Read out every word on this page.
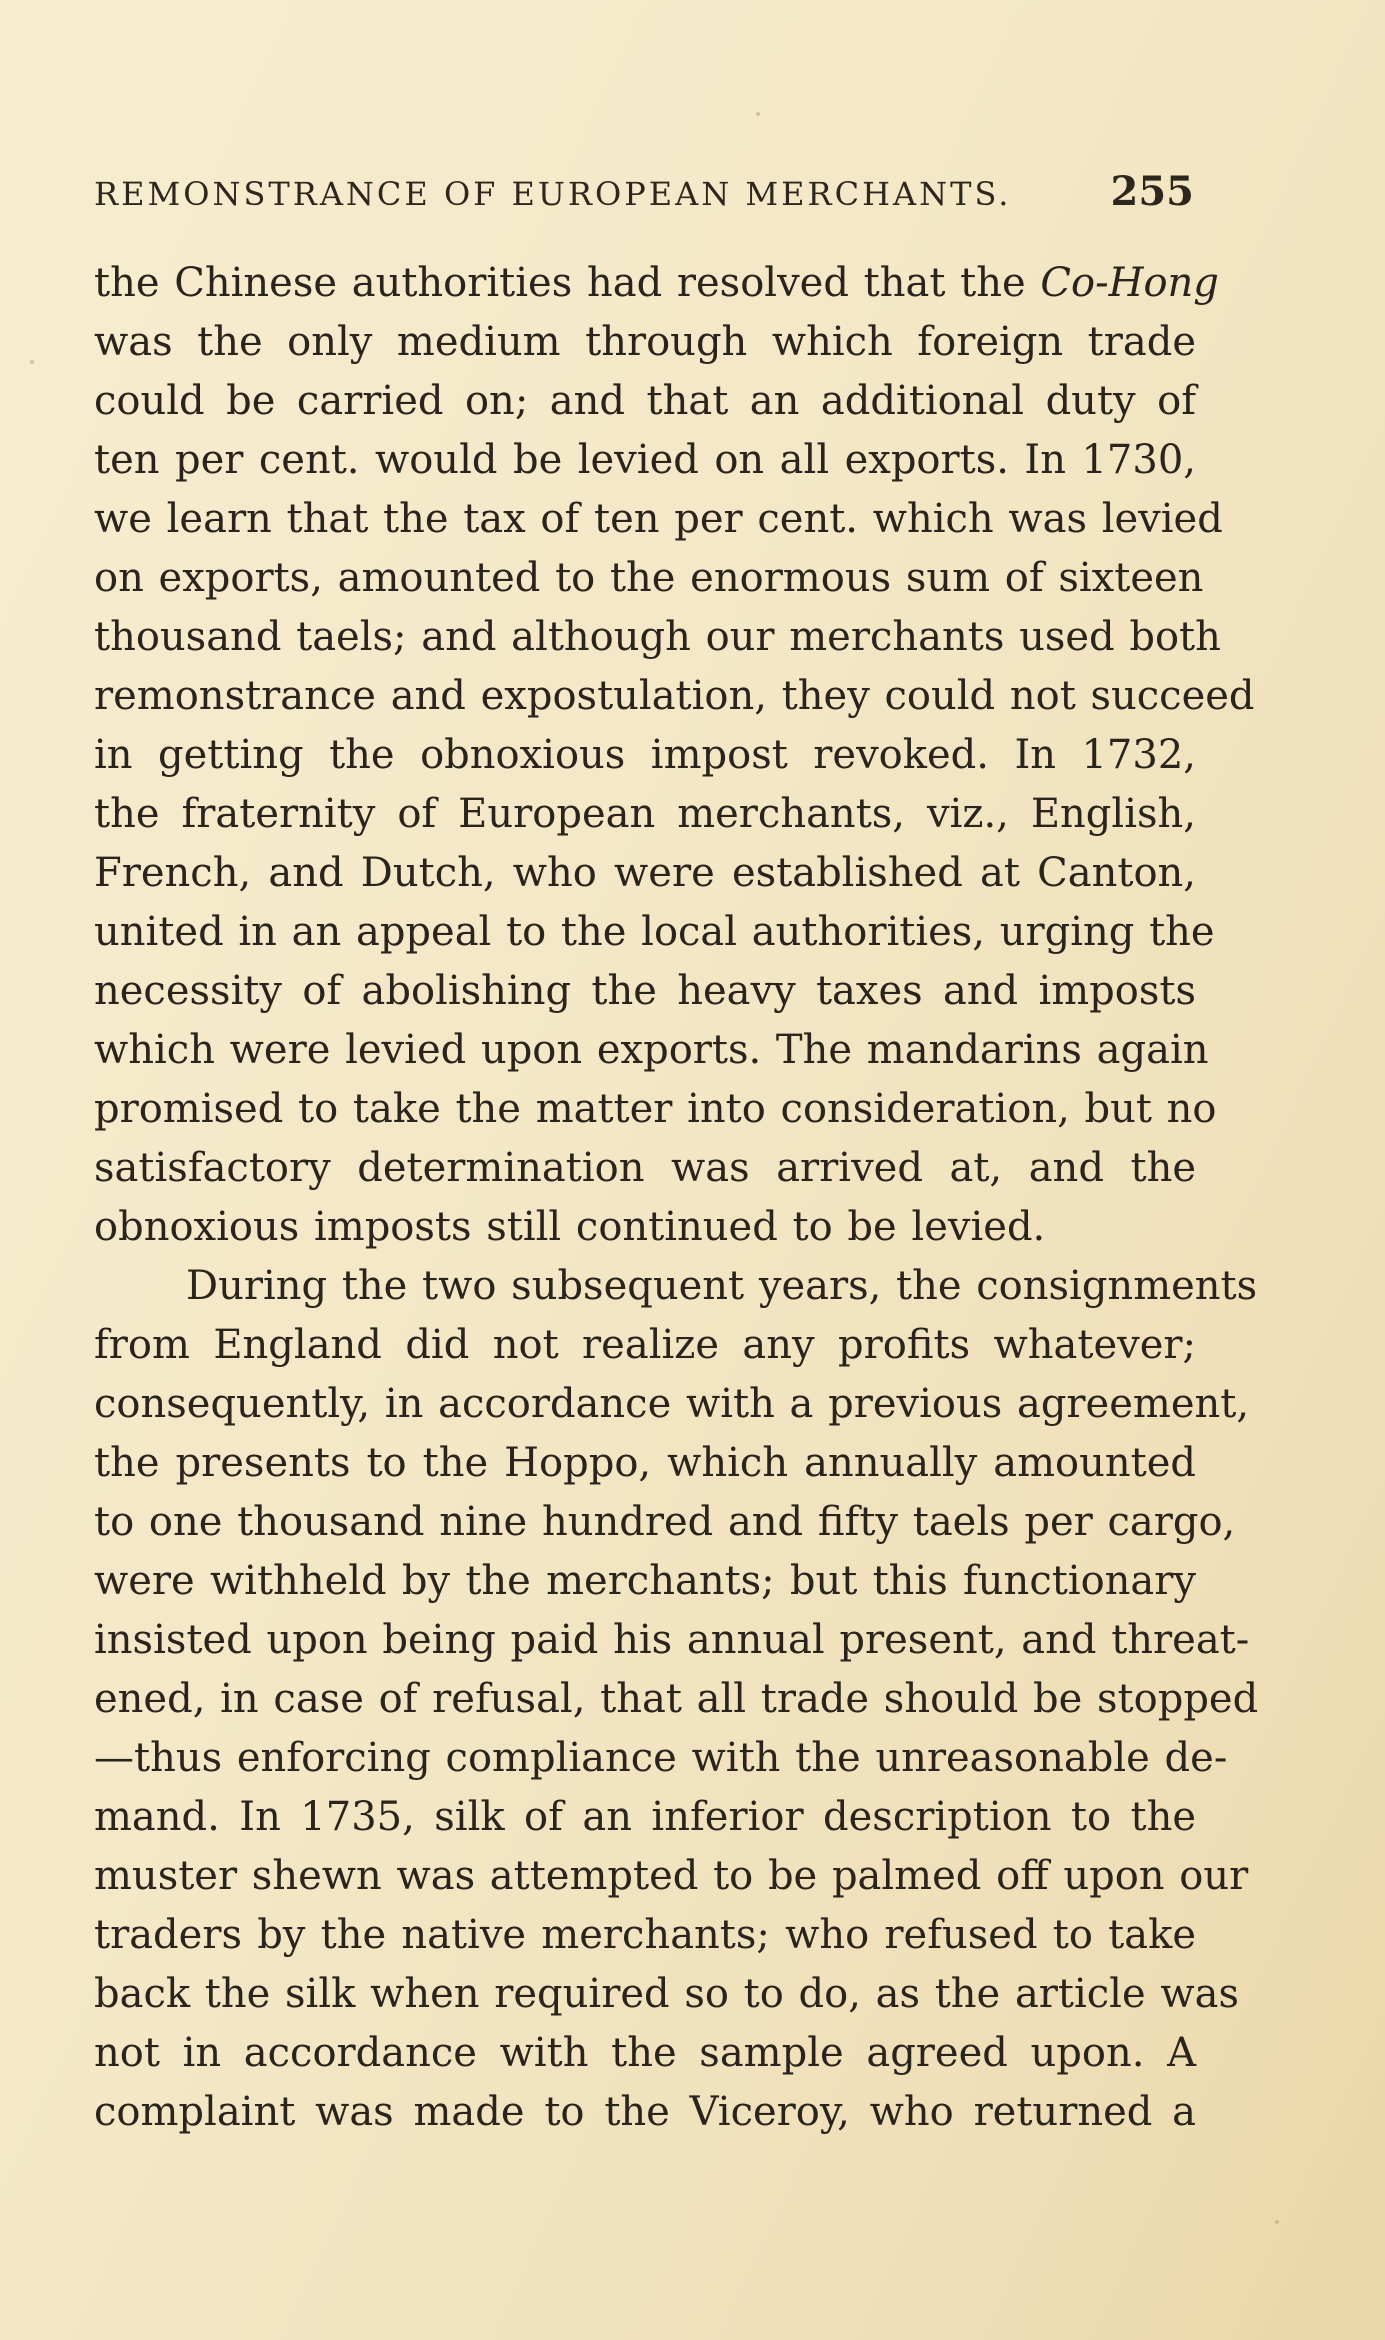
REMONSTRANCE OF EUROPEAN MERCHANTS. 255
the Chinese authorities had resolved that the Co-Hong
was the only medium through which foreign trade
could be carried on; and that an additional duty of
ten per cent. would be levied on all exports. In 1730,
we learn that the tax of ten per cent. which was levied
on exports, amounted to the enormous sum of sixteen
thousand taels; and although our merchants used both
remonstrance and expostulation, they could not succeed
in getting the obnoxious impost revoked. In 1732,
the fraternity of European merchants, viz., English,
French, and Dutch, who were established at Canton,
united in an appeal to the local authorities, urging the
necessity of abolishing the heavy taxes and imposts
which were levied upon exports. The mandarins again
promised to take the matter into consideration, but no
satisfactory determination was arrived at, and the
obnoxious imposts still continued to be levied.
During the two subsequent years, the consignments
from England did not realize any profits whatever;
consequently, in accordance with a previous agreement,
the presents to the Hoppo, which annually amounted
to one thousand nine hundred and fifty taels per cargo,
were withheld by the merchants; but this functionary
insisted upon being paid his annual present, and threat-
ened, in case of refusal, that all trade should be stopped
—thus enforcing compliance with the unreasonable de-
mand. In 1735, silk of an inferior description to the
muster shewn was attempted to be palmed off upon our
traders by the native merchants; who refused to take
back the silk when required so to do, as the article was
not in accordance with the sample agreed upon. A
complaint was made to the Viceroy, who returned a
